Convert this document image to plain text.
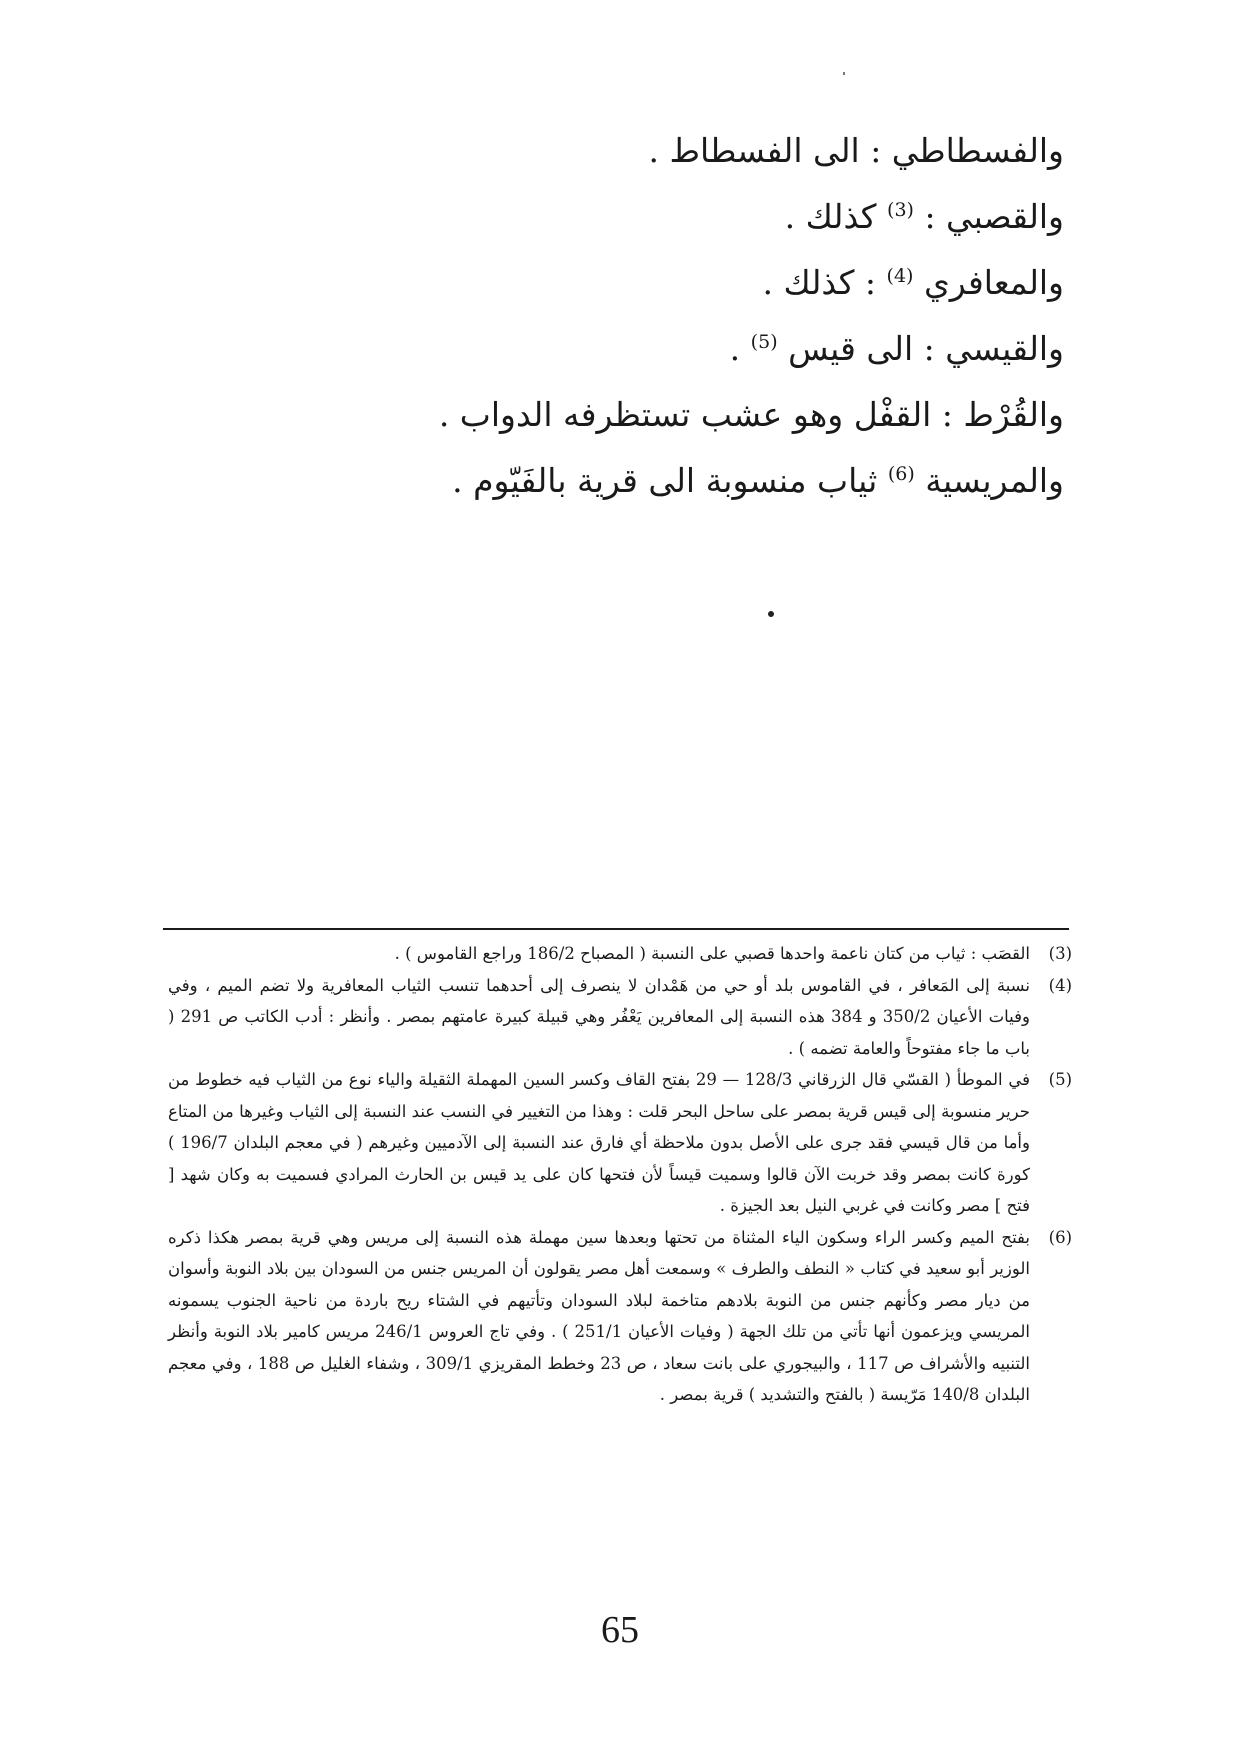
والفسطاطي : الى الفسطاط .
والقصبي : $^{(3)}$ كذلك .
والمعافري $^{(4)}$ : كذلك .
والقيسي : الى قيس $^{(5)}$ .
والقُرْط : القفْل وهو عشب تستظرفه الدواب .
والمريسية $^{(6)}$ ثياب منسوبة الى قرية بالفَيّوم .
(3)
القصَب : ثياب من كتان ناعمة واحدها قصبي على النسبة ( المصباح 186/2 وراجع القاموس ) .
(4)
نسبة إلى المَعافر ، في القاموس بلد أو حي من هَمْدان لا ينصرف إلى أحدهما تنسب الثياب المعافرية ولا تضم الميم ، وفي وفيات الأعيان 350/2 و 384 هذه النسبة إلى المعافرين يَعْفُر وهي قبيلة كبيرة عامتهم بمصر . وأنظر : أدب الكاتب ص 291 ( باب ما جاء مفتوحاً والعامة تضمه ) .
(5)
في الموطأ ( القسّي قال الزرقاني 128/3 — 29 بفتح القاف وكسر السين المهملة الثقيلة والياء نوع من الثياب فيه خطوط من حرير منسوبة إلى قيس قرية بمصر على ساحل البحر قلت : وهذا من التغيير في النسب عند النسبة إلى الثياب وغيرها من المتاع وأما من قال قيسي فقد جرى على الأصل بدون ملاحظة أي فارق عند النسبة إلى الآدميين وغيرهم ( في معجم البلدان 196/7 ) كورة كانت بمصر وقد خربت الآن قالوا وسميت قيساً لأن فتحها كان على يد قيس بن الحارث المرادي فسميت به وكان شهد [ فتح ] مصر وكانت في غربي النيل بعد الجيزة .
(6)
بفتح الميم وكسر الراء وسكون الياء المثناة من تحتها وبعدها سين مهملة هذه النسبة إلى مريس وهي قرية بمصر هكذا ذكره الوزير أبو سعيد في كتاب « النطف والطرف » وسمعت أهل مصر يقولون أن المريس جنس من السودان بين بلاد النوبة وأسوان من ديار مصر وكأنهم جنس من النوبة بلادهم متاخمة لبلاد السودان وتأتيهم في الشتاء ريح باردة من ناحية الجنوب يسمونه المريسي ويزعمون أنها تأتي من تلك الجهة ( وفيات الأعيان 251/1 ) . وفي تاج العروس 246/1 مريس كامير بلاد النوبة وأنظر التنبيه والأشراف ص 117 ، والبيجوري على بانت سعاد ، ص 23 وخطط المقريزي 309/1 ، وشفاء الغليل ص 188 ، وفي معجم البلدان 140/8 مَرّيسة ( بالفتح والتشديد ) قرية بمصر .
65
